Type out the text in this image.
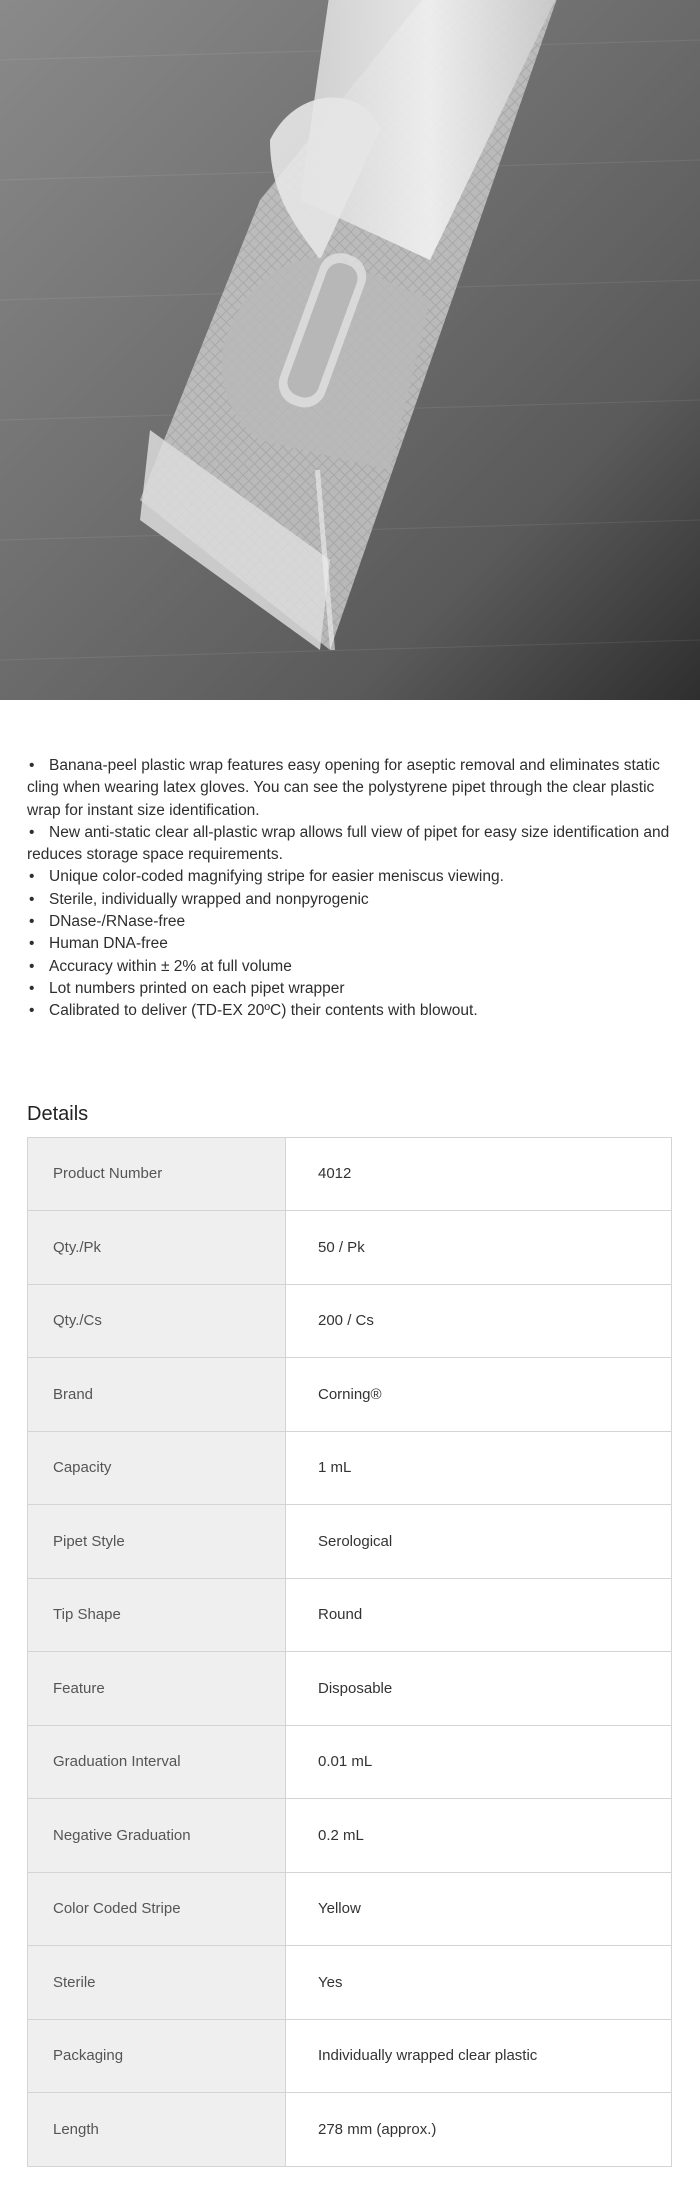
• Banana-peel plastic wrap features easy opening for aseptic removal and eliminates static cling when wearing latex gloves. You can see the polystyrene pipet through the clear plastic wrap for instant size identification.
• New anti-static clear all-plastic wrap allows full view of pipet for easy size identification and reduces storage space requirements.
• Unique color-coded magnifying stripe for easier meniscus viewing.
• Sterile, individually wrapped and nonpyrogenic
• DNase-/RNase-free
• Human DNA-free
• Accuracy within ± 2% at full volume
• Lot numbers printed on each pipet wrapper
• Calibrated to deliver (TD-EX 20ºC) their contents with blowout.
Details
Product Number	4012
Qty./Pk	50 / Pk
Qty./Cs	200 / Cs
Brand	Corning®
Capacity	1 mL
Pipet Style	Serological
Tip Shape	Round
Feature	Disposable
Graduation Interval	0.01 mL
Negative Graduation	0.2 mL
Color Coded Stripe	Yellow
Sterile	Yes
Packaging	Individually wrapped clear plastic
Length	278 mm (approx.)
